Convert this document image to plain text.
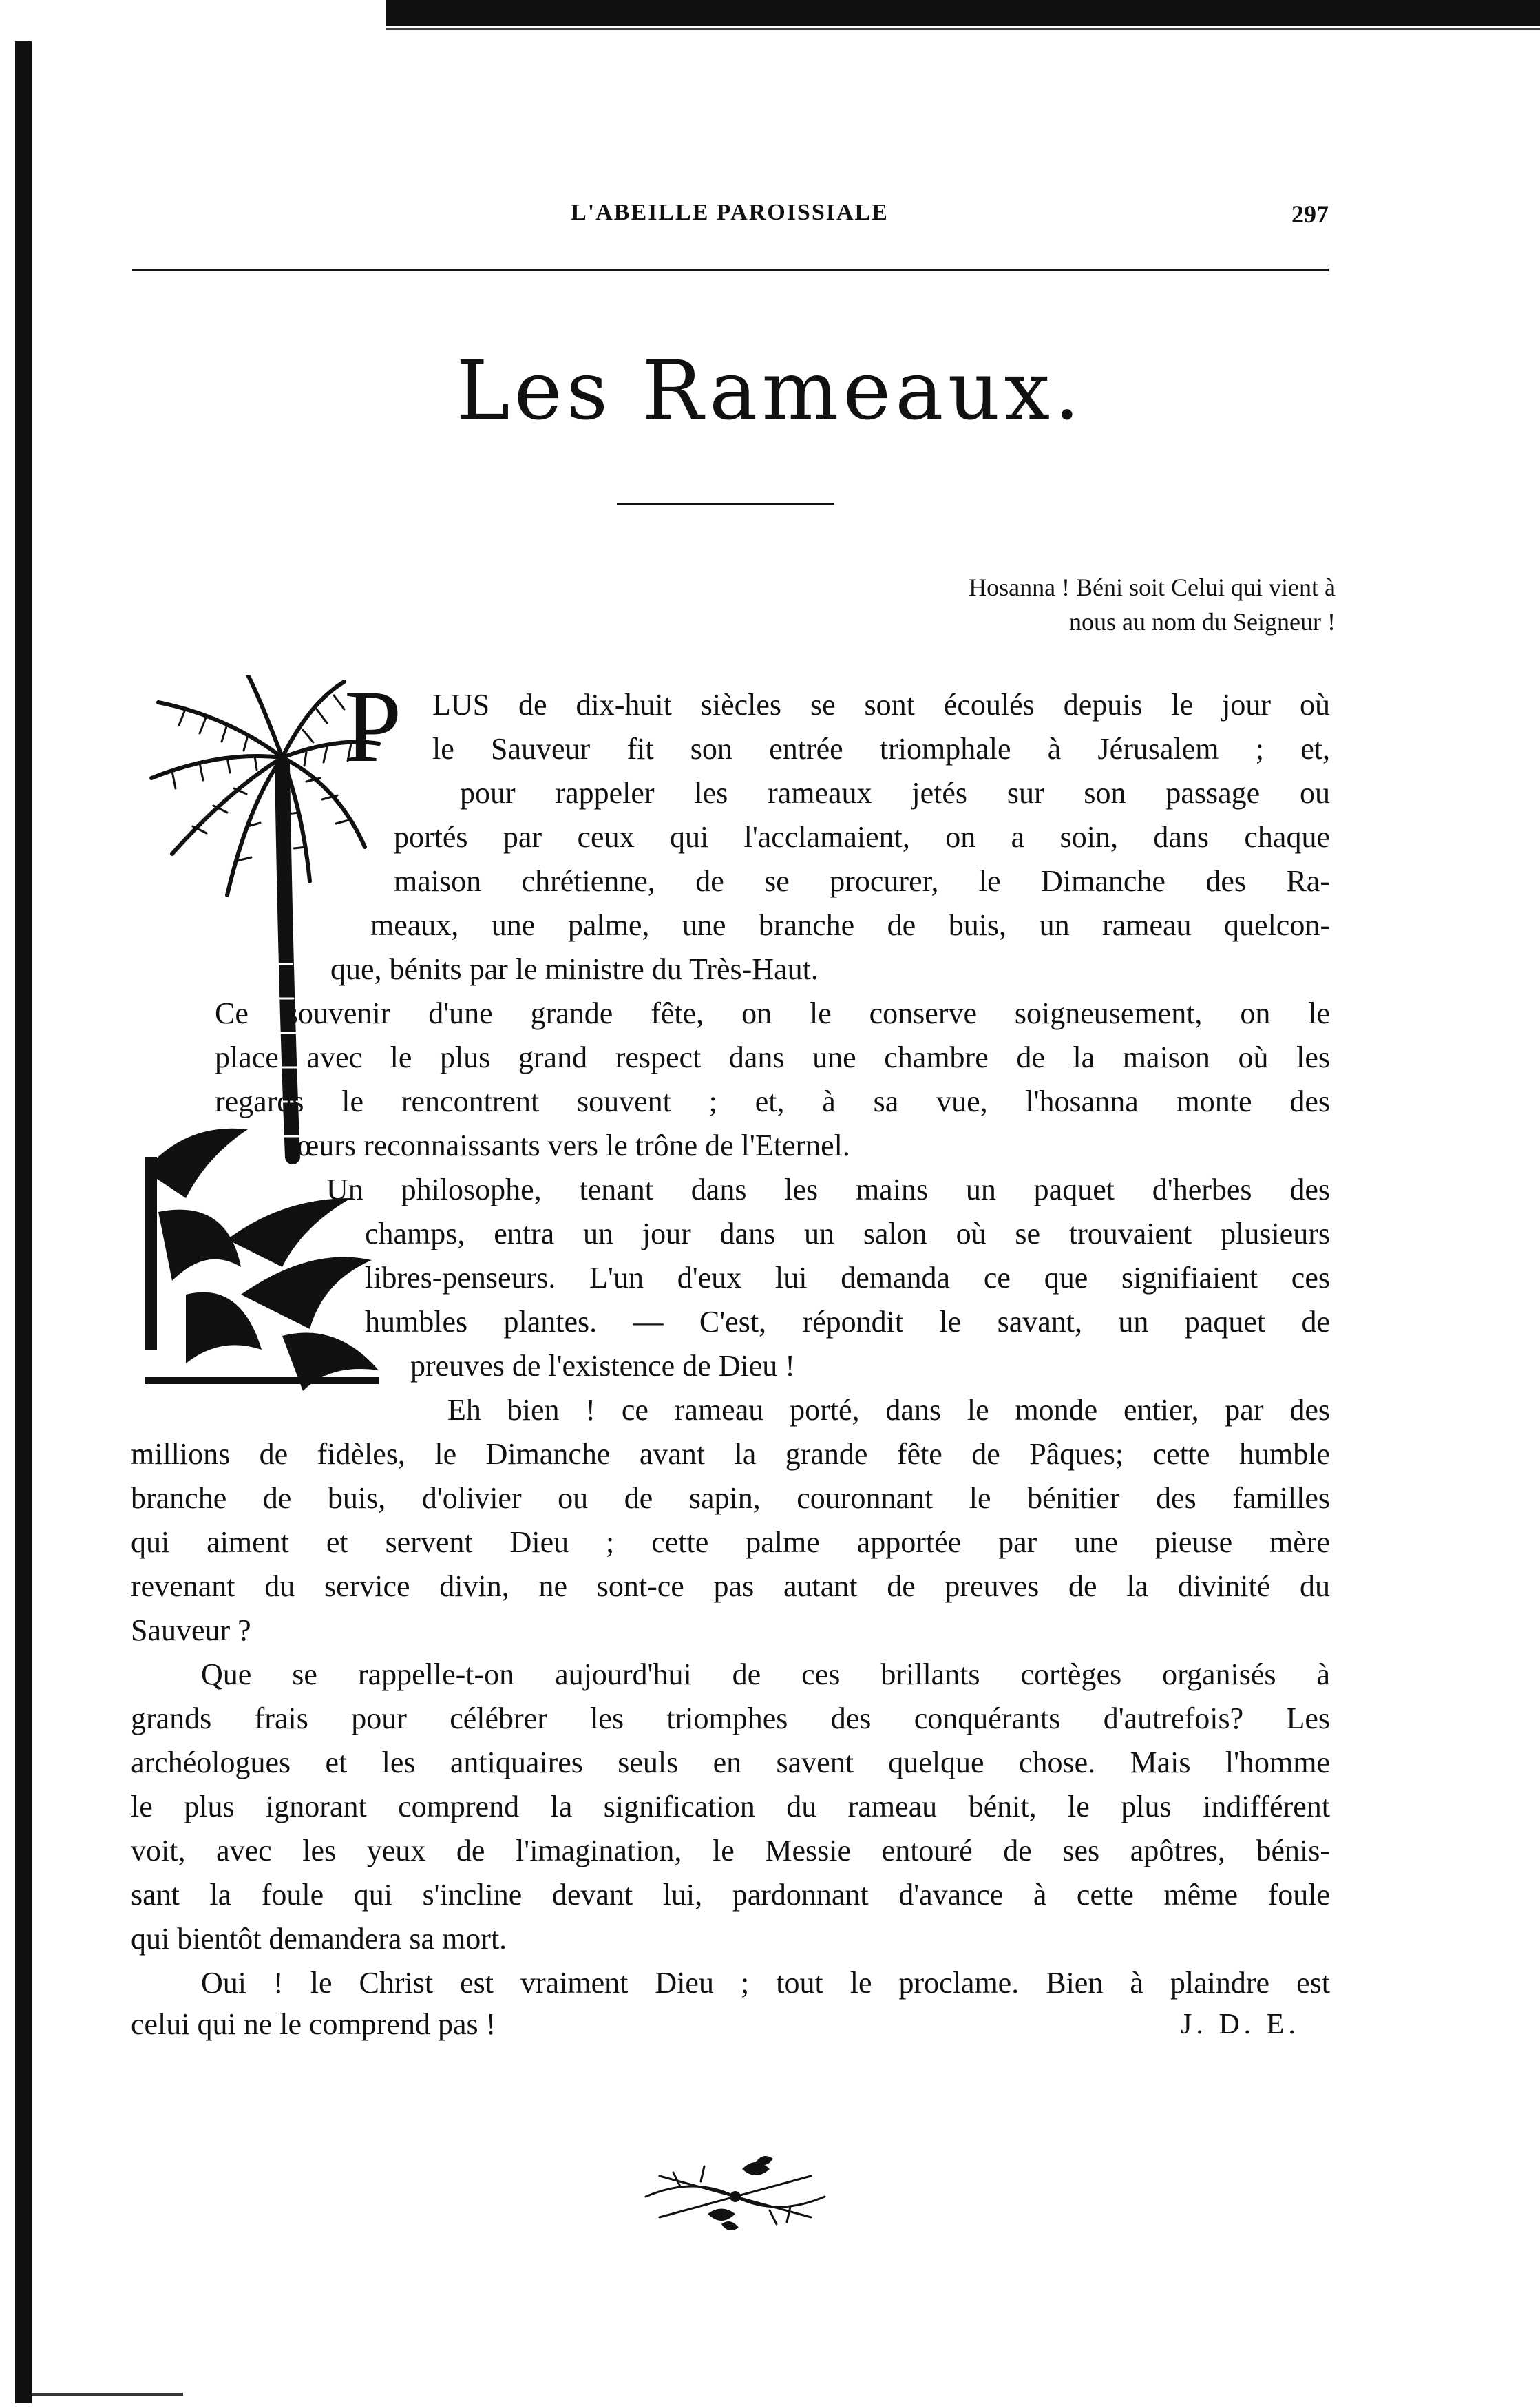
L'ABEILLE PAROISSIALE	297
Les Rameaux.
Hosanna ! Béni soit Celui qui vient à
nous au nom du Seigneur !
P LUS de dix-huit siècles se sont écoulés depuis le jour où
le Sauveur fit son entrée triomphale à Jérusalem ; et,
pour rappeler les rameaux jetés sur son passage ou
portés par ceux qui l'acclamaient, on a soin, dans chaque
maison chrétienne, de se procurer, le Dimanche des Ra-
meaux, une palme, une branche de buis, un rameau quelcon-
que, bénits par le ministre du Très-Haut.
Ce souvenir d'une grande fête, on le conserve soigneusement, on le
place avec le plus grand respect dans une chambre de la maison où les
regards le rencontrent souvent ; et, à sa vue, l'hosanna monte des
cœurs reconnaissants vers le trône de l'Eternel.
Un philosophe, tenant dans les mains un paquet d'herbes des
champs, entra un jour dans un salon où se trouvaient plusieurs
libres-penseurs. L'un d'eux lui demanda ce que signifiaient ces
humbles plantes. — C'est, répondit le savant, un paquet de
preuves de l'existence de Dieu !
Eh bien ! ce rameau porté, dans le monde entier, par des
millions de fidèles, le Dimanche avant la grande fête de Pâques; cette humble
branche de buis, d'olivier ou de sapin, couronnant le bénitier des familles
qui aiment et servent Dieu ; cette palme apportée par une pieuse mère
revenant du service divin, ne sont-ce pas autant de preuves de la divinité du
Sauveur ?
Que se rappelle-t-on aujourd'hui de ces brillants cortèges organisés à
grands frais pour célébrer les triomphes des conquérants d'autrefois? Les
archéologues et les antiquaires seuls en savent quelque chose. Mais l'homme
le plus ignorant comprend la signification du rameau bénit, le plus indifférent
voit, avec les yeux de l'imagination, le Messie entouré de ses apôtres, bénis-
sant la foule qui s'incline devant lui, pardonnant d'avance à cette même foule
qui bientôt demandera sa mort.
Oui ! le Christ est vraiment Dieu ; tout le proclame. Bien à plaindre est
celui qui ne le comprend pas !	J. D. E.
